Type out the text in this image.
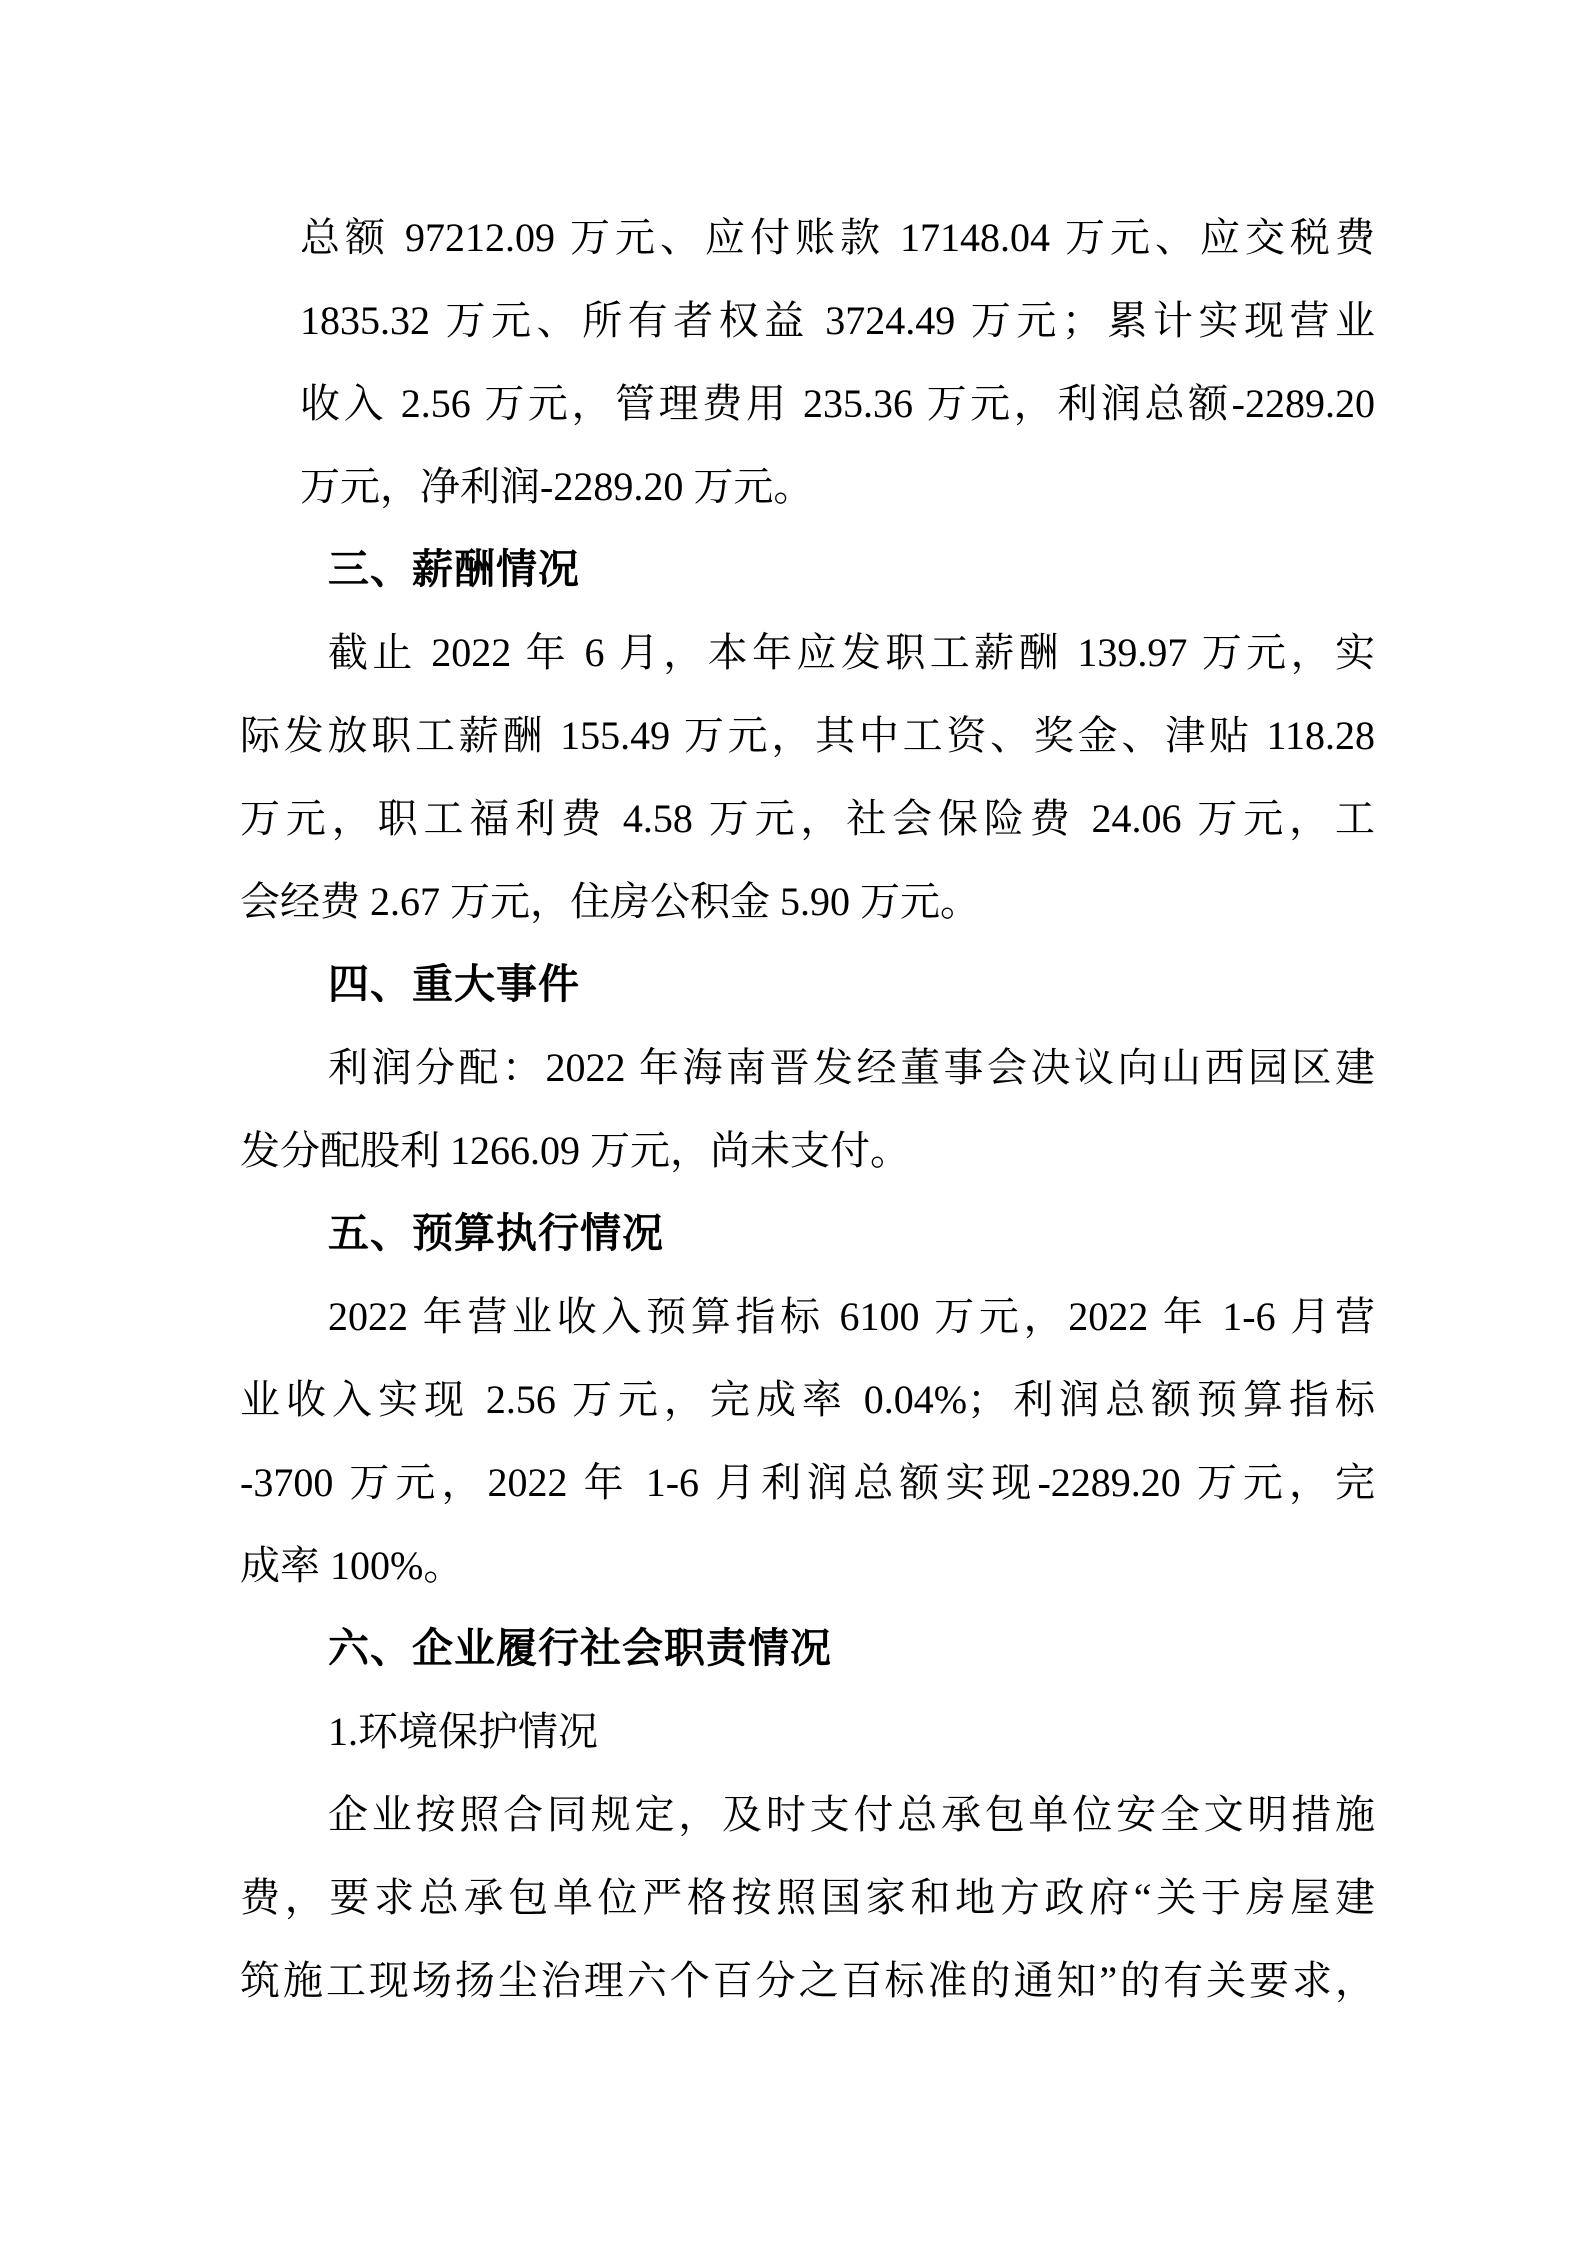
总额 97212.09 万元、应付账款 17148.04 万元、应交税费
1835.32 万元、所有者权益 3724.49 万元；累计实现营业
收入 2.56 万元，管理费用 235.36 万元，利润总额-2289.20
万元，净利润-2289.20 万元。
三、薪酬情况
截止 2022 年 6 月，本年应发职工薪酬 139.97 万元，实
际发放职工薪酬 155.49 万元，其中工资、奖金、津贴 118.28
万元，职工福利费 4.58 万元，社会保险费 24.06 万元，工
会经费 2.67 万元，住房公积金 5.90 万元。
四、重大事件
利润分配：2022 年海南晋发经董事会决议向山西园区建
发分配股利 1266.09 万元，尚未支付。
五、预算执行情况
2022 年营业收入预算指标 6100 万元，2022 年 1-6 月营
业收入实现 2.56 万元，完成率 0.04%；利润总额预算指标
-3700 万元，2022 年 1-6 月利润总额实现-2289.20 万元，完
成率 100%。
六、企业履行社会职责情况
1.环境保护情况
企业按照合同规定，及时支付总承包单位安全文明措施
费，要求总承包单位严格按照国家和地方政府“关于房屋建
筑施工现场扬尘治理六个百分之百标准的通知”的有关要求，
